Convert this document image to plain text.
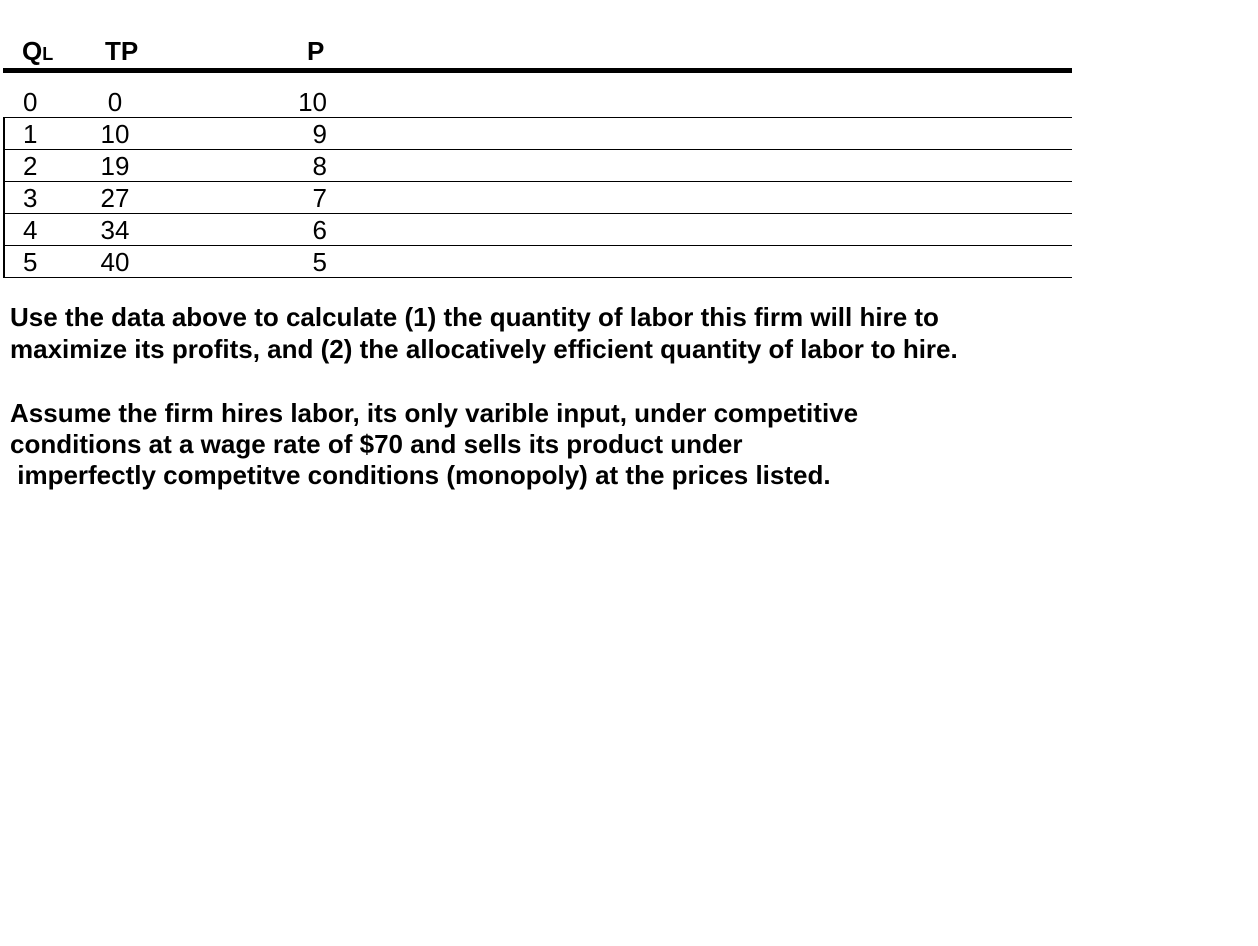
QL TP	P
0	0	10
1	10	9
2	19	8
3	27	7
4	34	6
5	40	5
Use the data above to calculate (1) the quantity of labor this firm will hire to
maximize its profits, and (2) the allocatively efficient quantity of labor to hire.
Assume the firm hires labor, its only varible input, under competitive
conditions at a wage rate of $70 and sells its product under
imperfectly competitve conditions (monopoly) at the prices listed.
